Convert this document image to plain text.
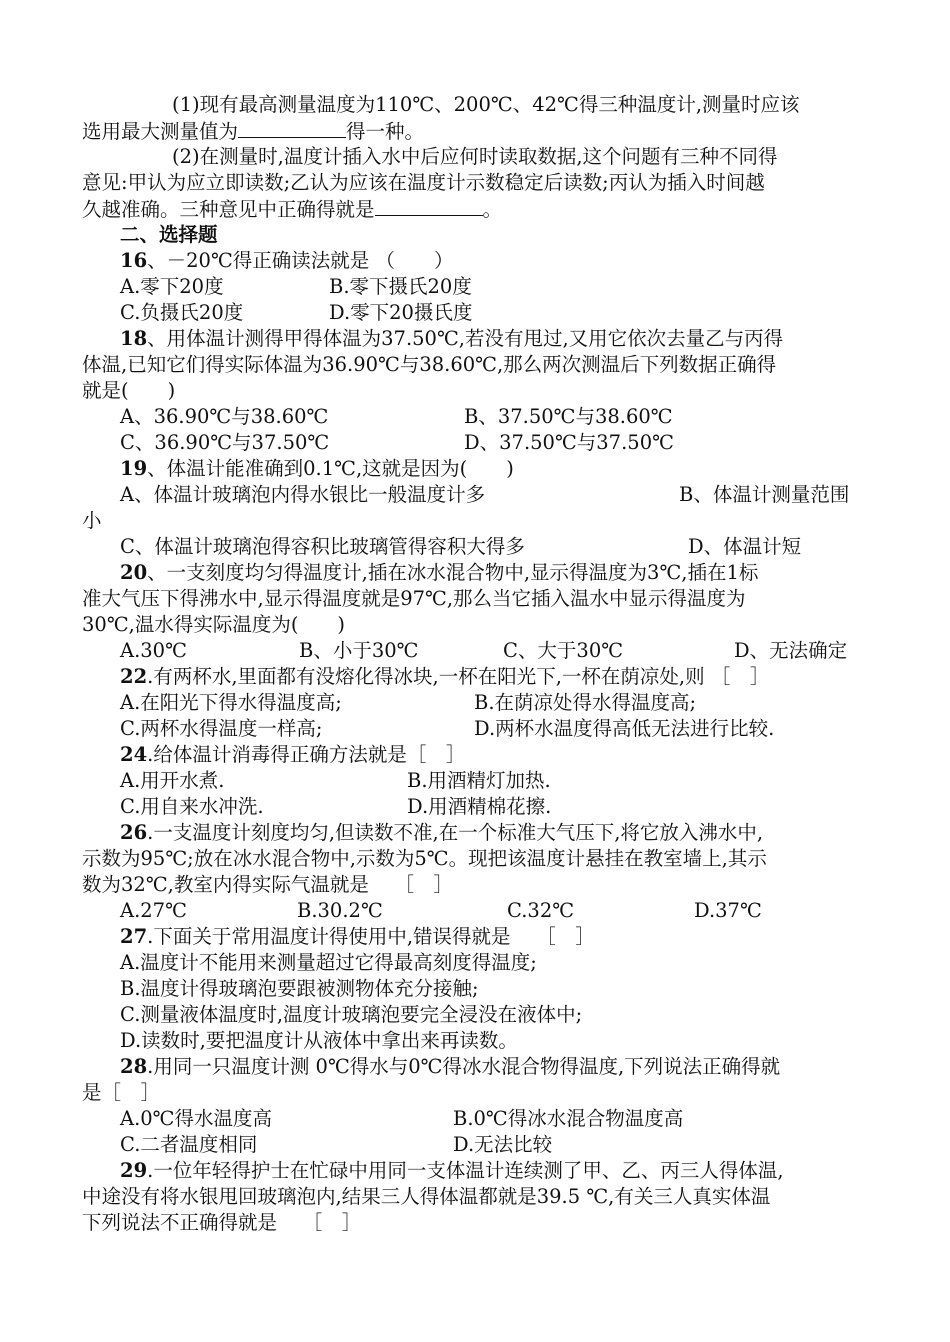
(1)现有最高测量温度为110℃、200℃、42℃得三种温度计,测量时应该
选用最大测量值为	得一种。
(2)在测量时,温度计插入水中后应何时读取数据,这个问题有三种不同得
意见:甲认为应立即读数;乙认为应该在温度计示数稳定后读数;丙认为插入时间越
久越准确。三种意见中正确得就是	。
二、选择题
16、－20℃得正确读法就是 （　　）
A.零下20度	B.零下摄氏20度
C.负摄氏20度	D.零下20摄氏度
18、用体温计测得甲得体温为37.50℃,若没有甩过,又用它依次去量乙与丙得
体温,已知它们得实际体温为36.90℃与38.60℃,那么两次测温后下列数据正确得
就是(　　)
A、36.90℃与38.60℃	B、37.50℃与38.60℃
C、36.90℃与37.50℃	D、37.50℃与37.50℃
19、体温计能准确到0.1℃,这就是因为(　　)
A、体温计玻璃泡内得水银比一般温度计多	B、体温计测量范围
小
C、体温计玻璃泡得容积比玻璃管得容积大得多	D、体温计短
20、一支刻度均匀得温度计,插在冰水混合物中,显示得温度为3℃,插在1标
准大气压下得沸水中,显示得温度就是97℃,那么当它插入温水中显示得温度为
30℃,温水得实际温度为(　　)
A.30℃	B、小于30℃	C、大于30℃	D、无法确定
22.有两杯水,里面都有没熔化得冰块,一杯在阳光下,一杯在荫凉处,则 ［　］
A.在阳光下得水得温度高;	B.在荫凉处得水得温度高;
C.两杯水得温度一样高;	D.两杯水温度得高低无法进行比较.
24.给体温计消毒得正确方法就是［　］
A.用开水煮.	B.用酒精灯加热.
C.用自来水冲洗.	D.用酒精棉花擦.
26.一支温度计刻度均匀,但读数不准,在一个标准大气压下,将它放入沸水中,
示数为95℃;放在冰水混合物中,示数为5℃。现把该温度计悬挂在教室墙上,其示
数为32℃,教室内得实际气温就是　 ［　］
A.27℃	B.30.2℃	C.32℃	D.37℃
27.下面关于常用温度计得使用中,错误得就是　 ［　］
A.温度计不能用来测量超过它得最高刻度得温度;
B.温度计得玻璃泡要跟被测物体充分接触;
C.测量液体温度时,温度计玻璃泡要完全浸没在液体中;
D.读数时,要把温度计从液体中拿出来再读数。
28.用同一只温度计测 0℃得水与0℃得冰水混合物得温度,下列说法正确得就
是［　］
A.0℃得水温度高	B.0℃得冰水混合物温度高
C.二者温度相同	D.无法比较
29.一位年轻得护士在忙碌中用同一支体温计连续测了甲、乙、丙三人得体温,
中途没有将水银甩回玻璃泡内,结果三人得体温都就是39.5 ℃,有关三人真实体温
下列说法不正确得就是　 ［　］
